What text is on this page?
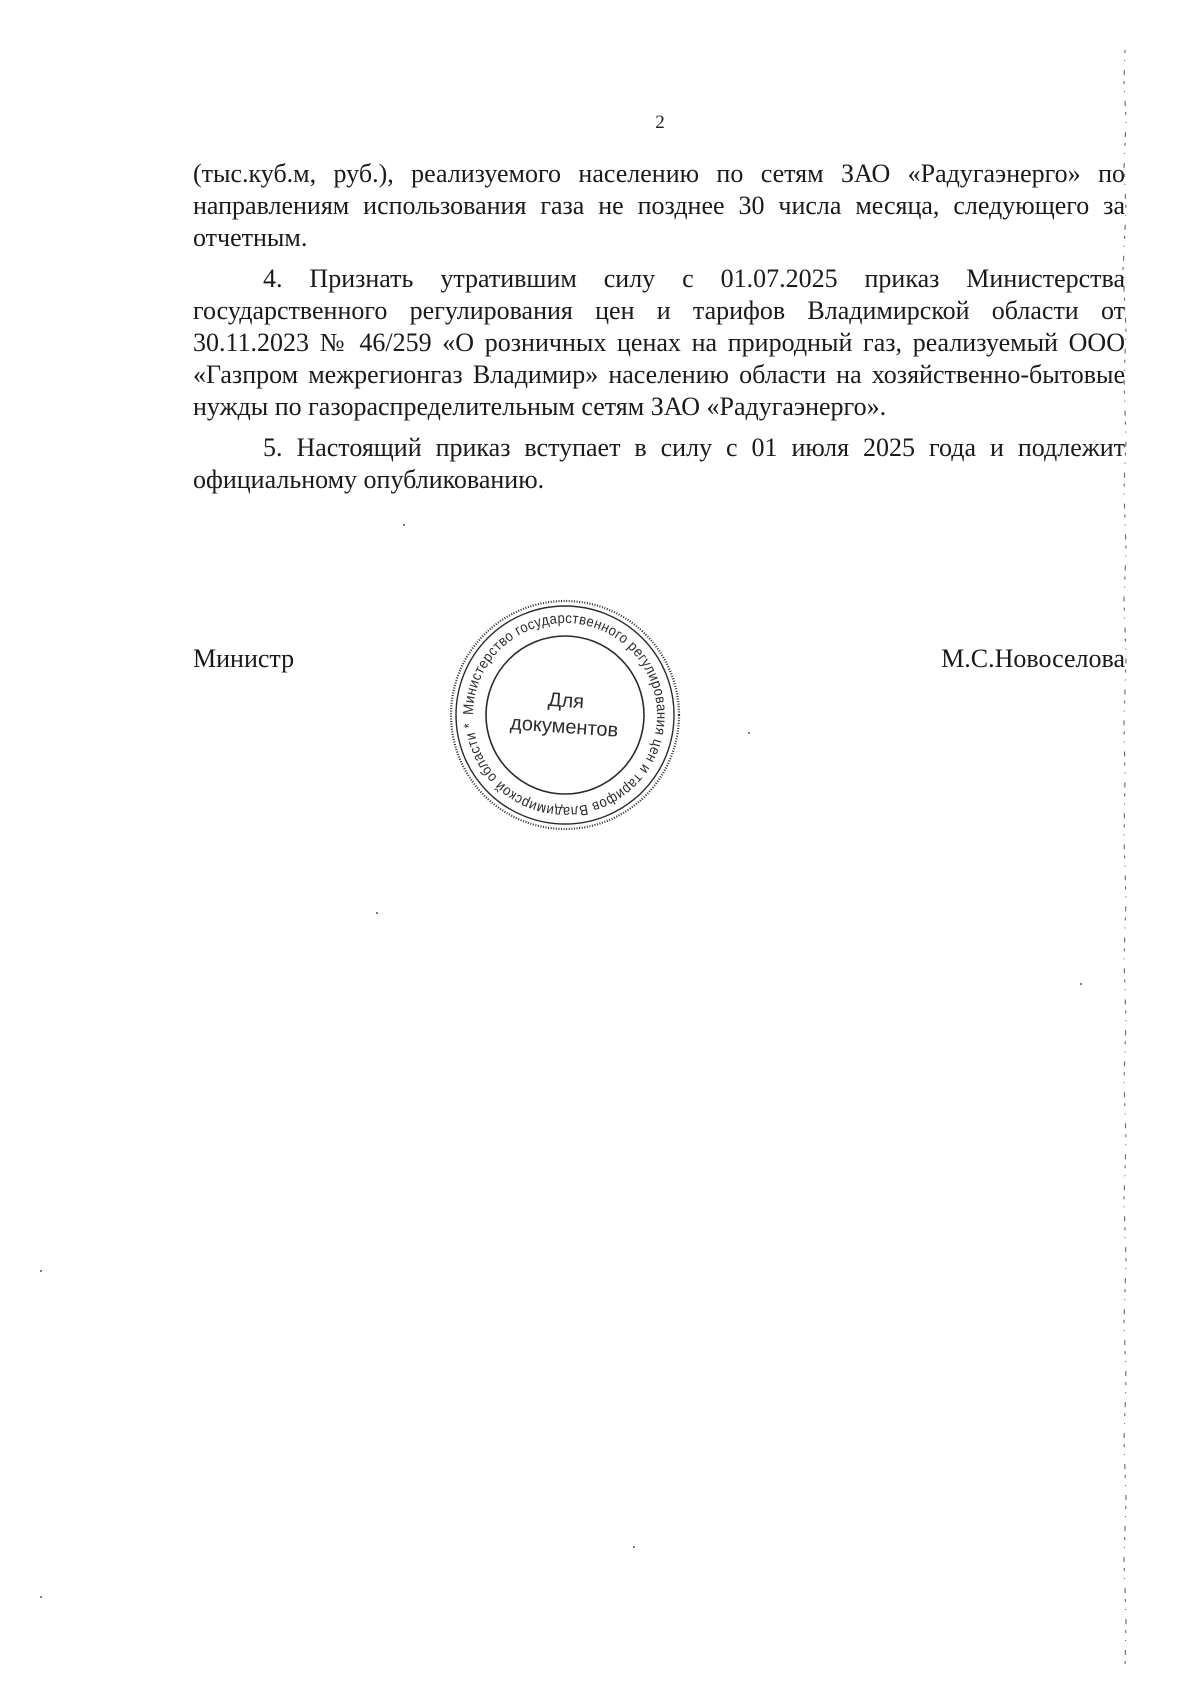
2

(тыс.куб.м, руб.), реализуемого населению по сетям ЗАО «Радугаэнерго» по направлениям использования газа не позднее 30 числа месяца, следующего за отчетным.

4. Признать утратившим силу с 01.07.2025 приказ Министерства государственного регулирования цен и тарифов Владимирской области от 30.11.2023 № 46/259 «О розничных ценах на природный газ, реализуемый ООО «Газпром межрегионгаз Владимир» населению области на хозяйственно-бытовые нужды по газораспределительным сетям ЗАО «Радугаэнерго».

5. Настоящий приказ вступает в силу с 01 июля 2025 года и подлежит официальному опубликованию.

Министр	М.С.Новоселова
Министерство государственного регулирования цен и тарифов Владимирской области *
Для
документов
